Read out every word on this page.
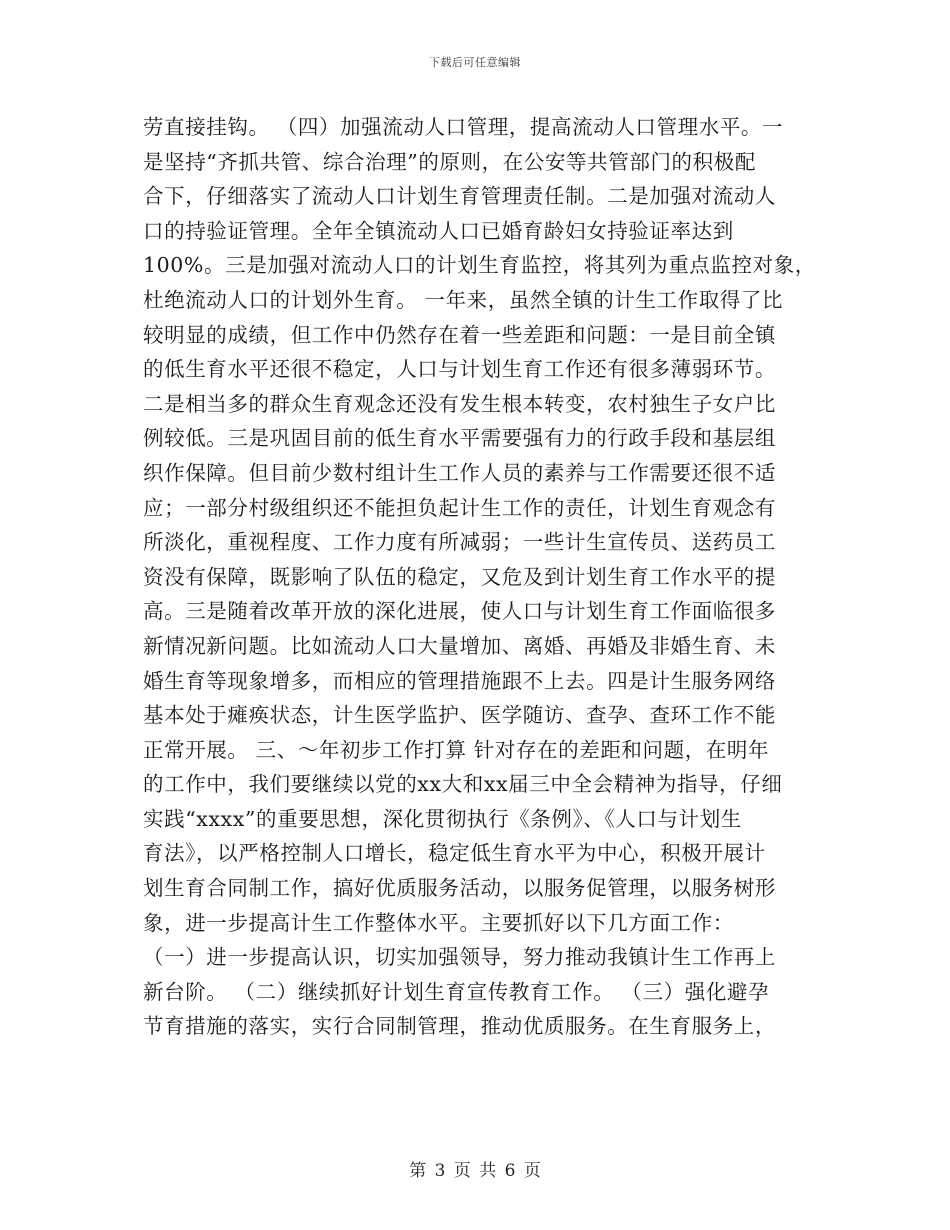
下载后可任意编辑
劳直接挂钩。 （四）加强流动人口管理，提高流动人口管理水平。一
是坚持“齐抓共管、综合治理”的原则，在公安等共管部门的积极配
合下，仔细落实了流动人口计划生育管理责任制。二是加强对流动人
口的持验证管理。全年全镇流动人口已婚育龄妇女持验证率达到
100%。三是加强对流动人口的计划生育监控，将其列为重点监控对象，
杜绝流动人口的计划外生育。 一年来，虽然全镇的计生工作取得了比
较明显的成绩，但工作中仍然存在着一些差距和问题：一是目前全镇
的低生育水平还很不稳定，人口与计划生育工作还有很多薄弱环节。
二是相当多的群众生育观念还没有发生根本转变，农村独生子女户比
例较低。三是巩固目前的低生育水平需要强有力的行政手段和基层组
织作保障。但目前少数村组计生工作人员的素养与工作需要还很不适
应；一部分村级组织还不能担负起计生工作的责任，计划生育观念有
所淡化，重视程度、工作力度有所减弱；一些计生宣传员、送药员工
资没有保障，既影响了队伍的稳定，又危及到计划生育工作水平的提
高。三是随着改革开放的深化进展，使人口与计划生育工作面临很多
新情况新问题。比如流动人口大量增加、离婚、再婚及非婚生育、未
婚生育等现象增多，而相应的管理措施跟不上去。四是计生服务网络
基本处于瘫痪状态，计生医学监护、医学随访、查孕、查环工作不能
正常开展。 三、～年初步工作打算 针对存在的差距和问题，在明年
的工作中，我们要继续以党的xx大和xx届三中全会精神为指导，仔细
实践“xxxx”的重要思想，深化贯彻执行《条例》、《人口与计划生
育法》，以严格控制人口增长，稳定低生育水平为中心，积极开展计
划生育合同制工作，搞好优质服务活动，以服务促管理，以服务树形
象，进一步提高计生工作整体水平。主要抓好以下几方面工作：
（一）进一步提高认识，切实加强领导，努力推动我镇计生工作再上
新台阶。 （二）继续抓好计划生育宣传教育工作。 （三）强化避孕
节育措施的落实，实行合同制管理，推动优质服务。在生育服务上，
第 3 页 共 6 页
